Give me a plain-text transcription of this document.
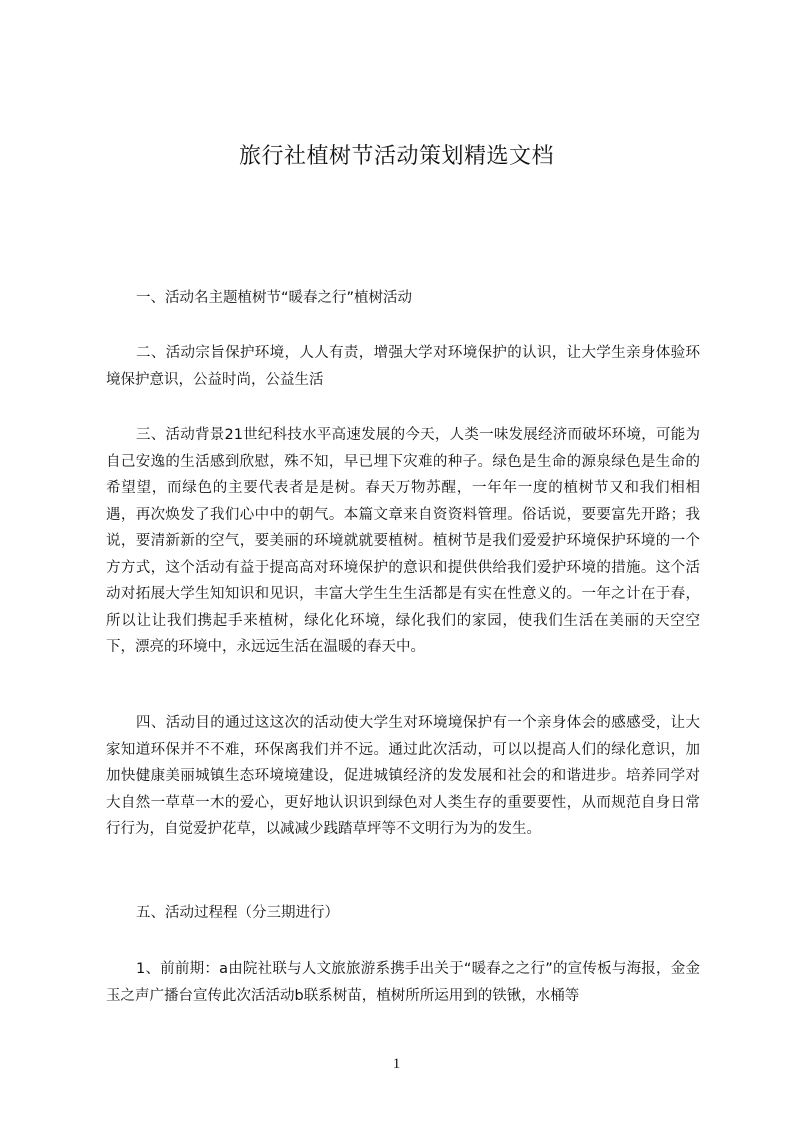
旅行社植树节活动策划精选文档

一、活动名主题植树节“暖春之行”植树活动

二、活动宗旨保护环境，人人有责，增强大学对环境保护的认识，让大学生亲身体验环境保护意识，公益时尚，公益生活

三、活动背景21世纪科技水平高速发展的今天，人类一味发展经济而破坏环境，可能为自己安逸的生活感到欣慰，殊不知，早已埋下灾难的种子。绿色是生命的源泉绿色是生命的希望望，而绿色的主要代表者是是树。春天万物苏醒，一年年一度的植树节又和我们相相遇，再次焕发了我们心中中的朝气。本篇文章来自资资料管理。俗话说，要要富先开路；我说，要清新新的空气，要美丽的环境就就要植树。植树节是我们爱爱护环境保护环境的一个方方式，这个活动有益于提高高对环境保护的意识和提供供给我们爱护环境的措施。这个活动对拓展大学生知知识和见识，丰富大学生生生活都是有实在性意义的。一年之计在于春，所以让让我们携起手来植树，绿化化环境，绿化我们的家园，使我们生活在美丽的天空空下，漂亮的环境中，永远远生活在温暖的春天中。

四、活动目的通过这这次的活动使大学生对环境境保护有一个亲身体会的感感受，让大家知道环保并不不难，环保离我们并不远。通过此次活动，可以以提高人们的绿化意识，加加快健康美丽城镇生态环境境建设，促进城镇经济的发发展和社会的和谐进步。培养同学对大自然一草草一木的爱心，更好地认识识到绿色对人类生存的重要要性，从而规范自身日常行行为，自觉爱护花草，以减减少践踏草坪等不文明行为为的发生。

五、活动过程程（分三期进行）

1、前前期：a由院社联与人文旅旅游系携手出关于“暖春之之行”的宣传板与海报，金金玉之声广播台宣传此次活活动b联系树苗，植树所所运用到的铁锹，水桶等

1
